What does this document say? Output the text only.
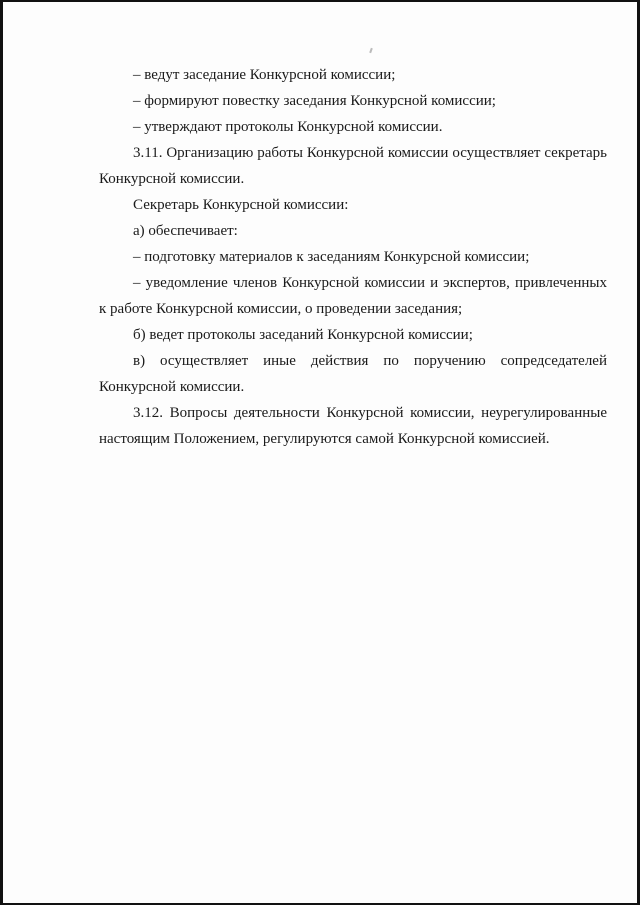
– ведут заседание Конкурсной комиссии;

– формируют повестку заседания Конкурсной комиссии;

– утверждают протоколы Конкурсной комиссии.

3.11. Организацию работы Конкурсной комиссии осуществляет секретарь Конкурсной комиссии.

Секретарь Конкурсной комиссии:

а) обеспечивает:

– подготовку материалов к заседаниям Конкурсной комиссии;

– уведомление членов Конкурсной комиссии и экспертов, привлеченных к работе Конкурсной комиссии, о проведении заседания;

б) ведет протоколы заседаний Конкурсной комиссии;

в) осуществляет иные действия по поручению сопредседателей Конкурсной комиссии.

3.12. Вопросы деятельности Конкурсной комиссии, неурегулированные настоящим Положением, регулируются самой Конкурсной комиссией.
